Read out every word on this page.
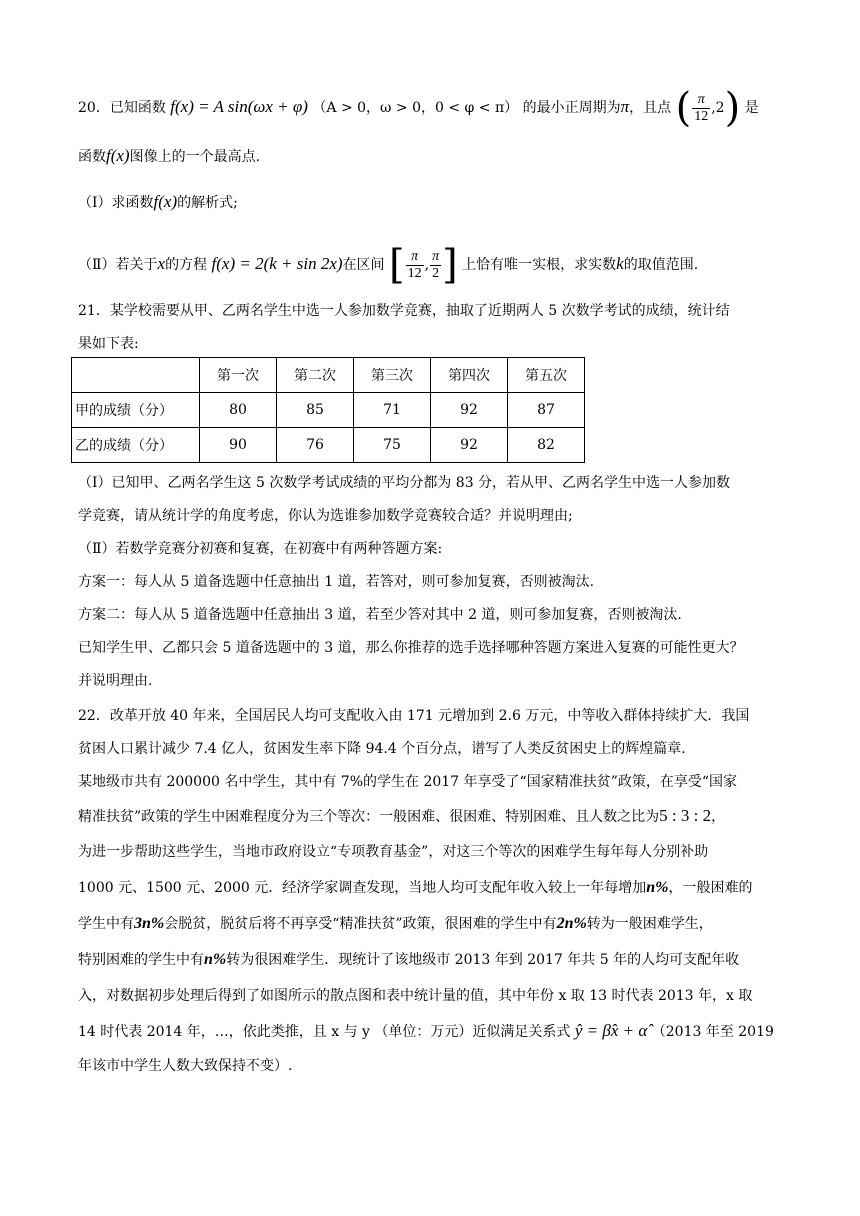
20．已知函数 f(x) = A sin(ωx + φ) （A > 0，ω > 0，0 < φ < π） 的最小正周期为π，且点 ( $\frac{\pi}{12} ,2$) 是
函数f(x)图像上的一个最高点.
（Ⅰ）求函数f(x)的解析式;
（Ⅱ）若关于x的方程 f(x) = 2(k + sin 2x)在区间 [ $\frac{\pi}{12}$ , $\frac{\pi}{2}$ ] 上恰有唯一实根，求实数k的取值范围.
21．某学校需要从甲、乙两名学生中选一人参加数学竞赛，抽取了近期两人 5 次数学考试的成绩，统计结
果如下表:
	第一次	第二次	第三次	第四次	第五次
甲的成绩（分）	80	85	71	92	87
乙的成绩（分）	90	76	75	92	82
（Ⅰ）已知甲、乙两名学生这 5 次数学考试成绩的平均分都为 83 分，若从甲、乙两名学生中选一人参加数
学竞赛，请从统计学的角度考虑，你认为选谁参加数学竞赛较合适？并说明理由;
（Ⅱ）若数学竞赛分初赛和复赛，在初赛中有两种答题方案:
方案一：每人从 5 道备选题中任意抽出 1 道，若答对，则可参加复赛，否则被淘汰.
方案二：每人从 5 道备选题中任意抽出 3 道，若至少答对其中 2 道，则可参加复赛，否则被淘汰.
已知学生甲、乙都只会 5 道备选题中的 3 道，那么你推荐的选手选择哪种答题方案进入复赛的可能性更大？
并说明理由.
22．改革开放 40 年来，全国居民人均可支配收入由 171 元增加到 2.6 万元，中等收入群体持续扩大．我国
贫困人口累计减少 7.4 亿人，贫困发生率下降 94.4 个百分点，谱写了人类反贫困史上的辉煌篇章.
某地级市共有 200000 名中学生，其中有 7%的学生在 2017 年享受了“国家精准扶贫”政策，在享受“国家
精准扶贫”政策的学生中困难程度分为三个等次：一般困难、很困难、特别困难、且人数之比为5 : 3 : 2，
为进一步帮助这些学生，当地市政府设立“专项教育基金”，对这三个等次的困难学生每年每人分别补助
1000 元、1500 元、2000 元．经济学家调查发现，当地人均可支配年收入较上一年每增加n%，一般困难的
学生中有3n%会脱贫，脱贫后将不再享受“精准扶贫”政策，很困难的学生中有2n%转为一般困难学生，
特别困难的学生中有n%转为很困难学生．现统计了该地级市 2013 年到 2017 年共 5 年的人均可支配年收
入，对数据初步处理后得到了如图所示的散点图和表中统计量的值，其中年份 x 取 13 时代表 2013 年，x 取
14 时代表 2014 年，…，依此类推，且 x 与 y （单位：万元）近似满足关系式 ŷ = β̂x + α̂ （2013 年至 2019
年该市中学生人数大致保持不变）.
